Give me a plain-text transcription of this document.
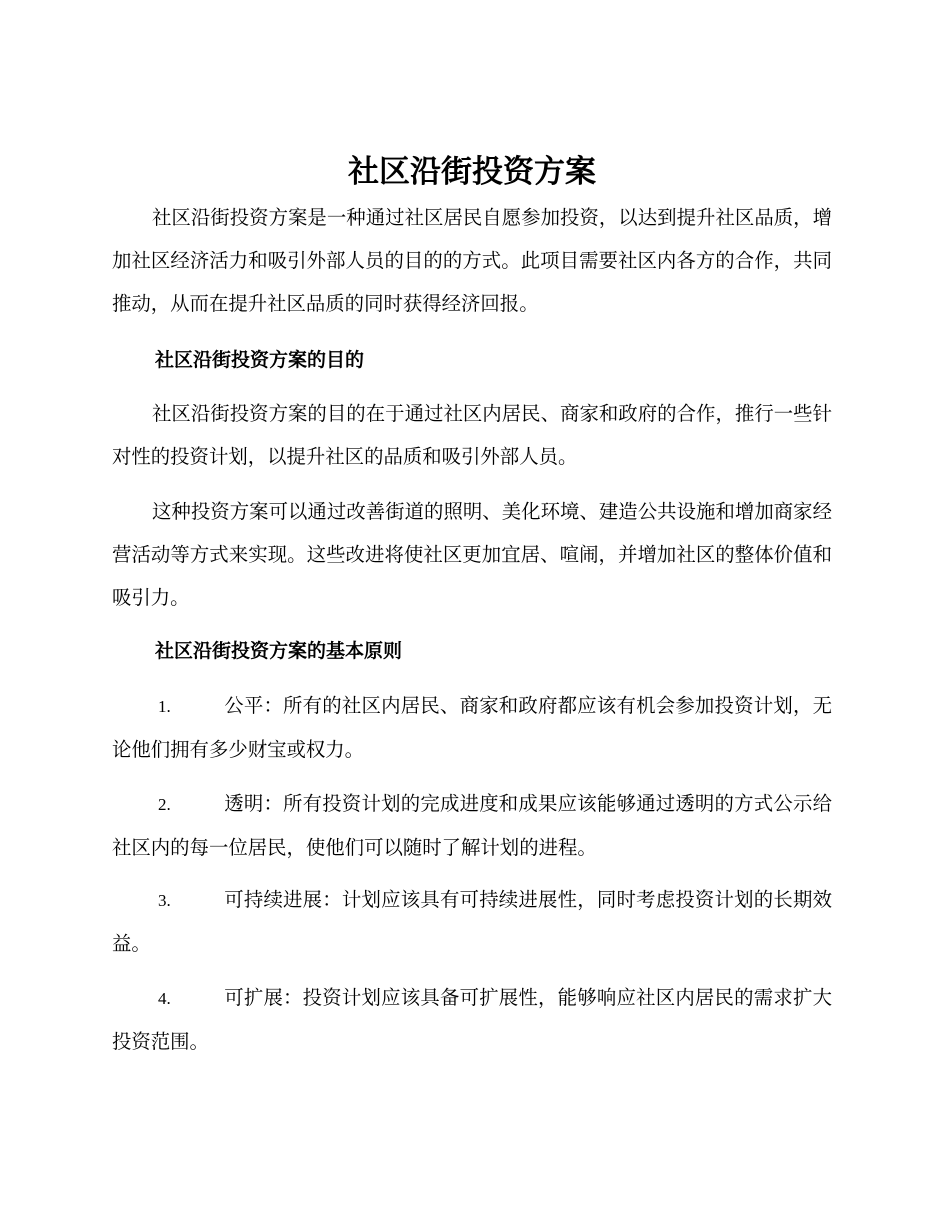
社区沿街投资方案

社区沿街投资方案是一种通过社区居民自愿参加投资，以达到提升社区品质，增加社区经济活力和吸引外部人员的目的的方式。此项目需要社区内各方的合作，共同推动，从而在提升社区品质的同时获得经济回报。

社区沿街投资方案的目的

社区沿街投资方案的目的在于通过社区内居民、商家和政府的合作，推行一些针对性的投资计划，以提升社区的品质和吸引外部人员。

这种投资方案可以通过改善街道的照明、美化环境、建造公共设施和增加商家经营活动等方式来实现。这些改进将使社区更加宜居、喧闹，并增加社区的整体价值和吸引力。

社区沿街投资方案的基本原则

1.	公平：所有的社区内居民、商家和政府都应该有机会参加投资计划，无论他们拥有多少财宝或权力。

2.	透明：所有投资计划的完成进度和成果应该能够通过透明的方式公示给社区内的每一位居民，使他们可以随时了解计划的进程。

3.	可持续进展：计划应该具有可持续进展性，同时考虑投资计划的长期效益。

4.	可扩展：投资计划应该具备可扩展性，能够响应社区内居民的需求扩大投资范围。
